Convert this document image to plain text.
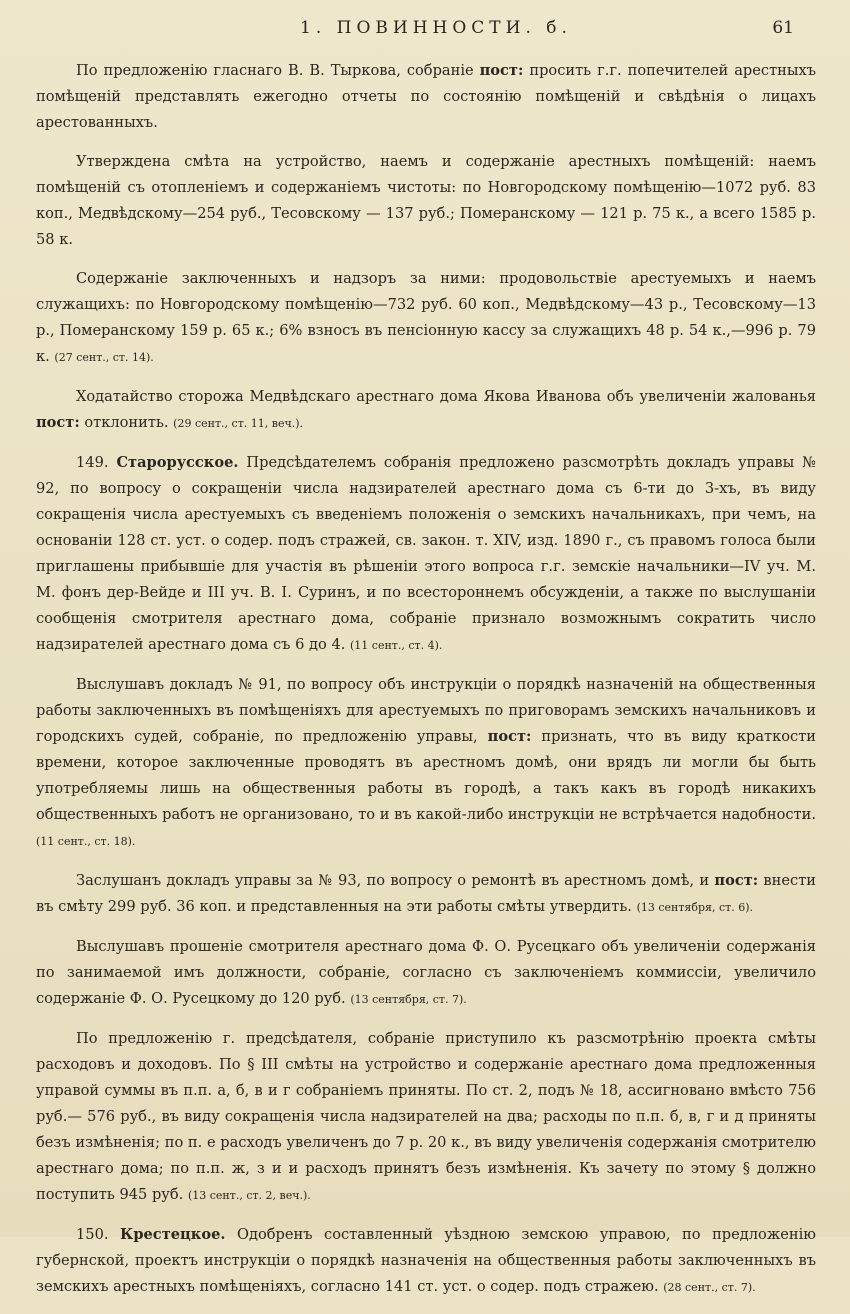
1. ПОВИННОСТИ. б.	61

По предложенію гласнаго В. В. Тыркова, собраніе пост: просить г.г. попечителей арестныхъ помѣщеній представлять ежегодно отчеты по состоянію помѣщеній и свѣдѣнія о лицахъ арестованныхъ.

Утверждена смѣта на устройство, наемъ и содержаніе арестныхъ помѣщеній: наемъ помѣщеній съ отопленіемъ и содержаніемъ чистоты: по Новгородскому помѣщенію—1072 руб. 83 коп., Медвѣдскому—254 руб., Тесовскому — 137 руб.; Померанскому — 121 р. 75 к., а всего 1585 р. 58 к.

Содержаніе заключенныхъ и надзоръ за ними: продовольствіе арестуемыхъ и наемъ служащихъ: по Новгородскому помѣщенію—732 руб. 60 коп., Медвѣдскому—43 р., Тесовскому—13 р., Померанскому 159 р. 65 к.; 6% взносъ въ пенсіонную кассу за служащихъ 48 р. 54 к.,—996 р. 79 к. (27 сент., ст. 14).

Ходатайство сторожа Медвѣдскаго арестнаго дома Якова Иванова объ увеличеніи жалованья пост: отклонить. (29 сент., ст. 11, веч.).

149. Старорусское. Предсѣдателемъ собранія предложено разсмотрѣть докладъ управы № 92, по вопросу о сокращеніи числа надзирателей арестнаго дома съ 6-ти до 3-хъ, въ виду сокращенія числа арестуемыхъ съ введеніемъ положенія о земскихъ начальникахъ, при чемъ, на основаніи 128 ст. уст. о содер. подъ стражей, св. закон. т. XIV, изд. 1890 г., съ правомъ голоса были приглашены прибывшіе для участія въ рѣшеніи этого вопроса г.г. земскіе начальники—IV уч. М. М. фонъ дер-Вейде и III уч. В. І. Суринъ, и по всестороннемъ обсужденіи, а также по выслушаніи сообщенія смотрителя арестнаго дома, собраніе признало возможнымъ сократить число надзирателей арестнаго дома съ 6 до 4. (11 сент., ст. 4).

Выслушавъ докладъ № 91, по вопросу объ инструкціи о порядкѣ назначеній на общественныя работы заключенныхъ въ помѣщеніяхъ для арестуемыхъ по приговорамъ земскихъ начальниковъ и городскихъ судей, собраніе, по предложенію управы, пост: признать, что въ виду краткости времени, которое заключенные проводятъ въ арестномъ домѣ, они врядъ ли могли бы быть употребляемы лишь на общественныя работы въ городѣ, а такъ какъ въ городѣ никакихъ общественныхъ работъ не организовано, то и въ какой-либо инструкціи не встрѣчается надобности. (11 сент., ст. 18).

Заслушанъ докладъ управы за № 93, по вопросу о ремонтѣ въ арестномъ домѣ, и пост: внести въ смѣту 299 руб. 36 коп. и представленныя на эти работы смѣты утвердить. (13 сентября, ст. 6).

Выслушавъ прошеніе смотрителя арестнаго дома Ф. О. Русецкаго объ увеличеніи содержанія по занимаемой имъ должности, собраніе, согласно съ заключеніемъ коммиссіи, увеличило содержаніе Ф. О. Русецкому до 120 руб. (13 сентября, ст. 7).

По предложенію г. предсѣдателя, собраніе приступило къ разсмотрѣнію проекта смѣты расходовъ и доходовъ. По § III смѣты на устройство и содержаніе арестнаго дома предложенныя управой суммы въ п.п. а, б, в и г собраніемъ приняты. По ст. 2, подъ № 18, ассигновано вмѣсто 756 руб.— 576 руб., въ виду сокращенія числа надзирателей на два; расходы по п.п. б, в, г и д приняты безъ измѣненія; по п. е расходъ увеличенъ до 7 р. 20 к., въ виду увеличенія содержанія смотрителю арестнаго дома; по п.п. ж, з и и расходъ принятъ безъ измѣненія. Къ зачету по этому § должно поступить 945 руб. (13 сент., ст. 2, веч.).

150. Крестецкое. Одобренъ составленный уѣздною земскою управою, по предложенію губернской, проектъ инструкціи о порядкѣ назначенія на общественныя работы заключенныхъ въ земскихъ арестныхъ помѣщеніяхъ, согласно 141 ст. уст. о содер. подъ стражею. (28 сент., ст. 7).
